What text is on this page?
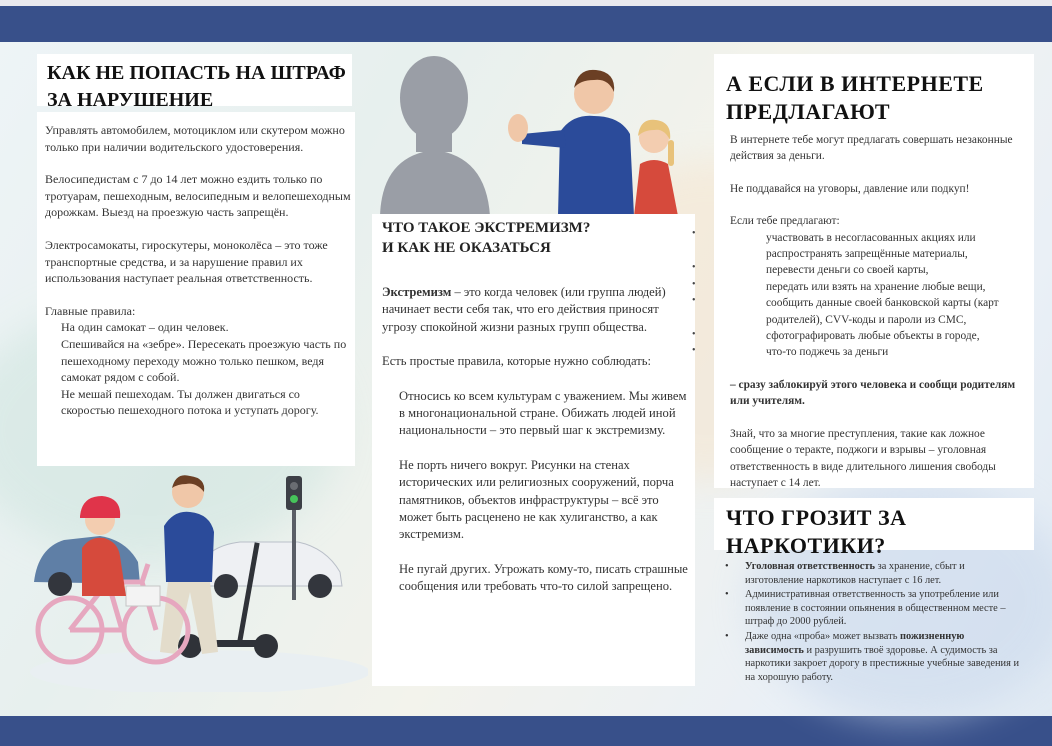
КАК НЕ ПОПАСТЬ НА ШТРАФ ЗА НАРУШЕНИЕ
Управлять автомобилем, мотоциклом или скутером можно только при наличии водительского удостоверения.
Велосипедистам с 7 до 14 лет можно ездить только по тротуарам, пешеходным, велосипедным и велопешеходным дорожкам. Выезд на проезжую часть запрещён.
Электросамокаты, гироскутеры, моноколёса – это тоже транспортные средства, и за нарушение правил их использования наступает реальная ответственность.
Главные правила:
На один самокат – один человек.
Спешивайся на «зебре». Пересекать проезжую часть по пешеходному переходу можно только пешком, ведя самокат рядом с собой.
Не мешай пешеходам. Ты должен двигаться со скоростью пешеходного потока и уступать дорогу.
ЧТО ТАКОЕ ЭКСТРЕМИЗМ?
И КАК НЕ ОКАЗАТЬСЯ
Экстремизм – это когда человек (или группа людей) начинает вести себя так, что его действия приносят угрозу спокойной жизни разных групп общества.
Есть простые правила, которые нужно соблюдать:
Относись ко всем культурам с уважением. Мы живем в многонациональной стране. Обижать людей иной национальности – это первый шаг к экстремизму.
Не порть ничего вокруг. Рисунки на стенах исторических или религиозных сооружений, порча памятников, объектов инфраструктуры – всё это может быть расценено не как хулиганство, а как экстремизм.
Не пугай других. Угрожать кому-то, писать страшные сообщения или требовать что-то силой запрещено.
•
•
•
•
•
•
А ЕСЛИ В ИНТЕРНЕТЕ ПРЕДЛАГАЮТ
В интернете тебе могут предлагать совершать незаконные действия за деньги.
Не поддавайся на уговоры, давление или подкуп!
Если тебе предлагают:
участвовать в несогласованных акциях или
распространять запрещённые материалы,
перевести деньги со своей карты,
передать или взять на хранение любые вещи,
сообщить данные своей банковской карты (карт
родителей), CVV-коды и пароли из СМС,
сфотографировать любые объекты в городе,
что-то поджечь за деньги
– сразу заблокируй этого человека и сообщи родителям или учителям.
Знай, что за многие преступления, такие как ложное сообщение о теракте, поджоги и взрывы – уголовная ответственность в виде длительного лишения свободы наступает с 14 лет.
ЧТО ГРОЗИТ ЗА НАРКОТИКИ?
• Уголовная ответственность за хранение, сбыт и изготовление наркотиков наступает с 16 лет.
• Административная ответственность за употребление или появление в состоянии опьянения в общественном месте – штраф до 2000 рублей.
• Даже одна «проба» может вызвать пожизненную зависимость и разрушить твоё здоровье. А судимость за наркотики закроет дорогу в престижные учебные заведения и на хорошую работу.
